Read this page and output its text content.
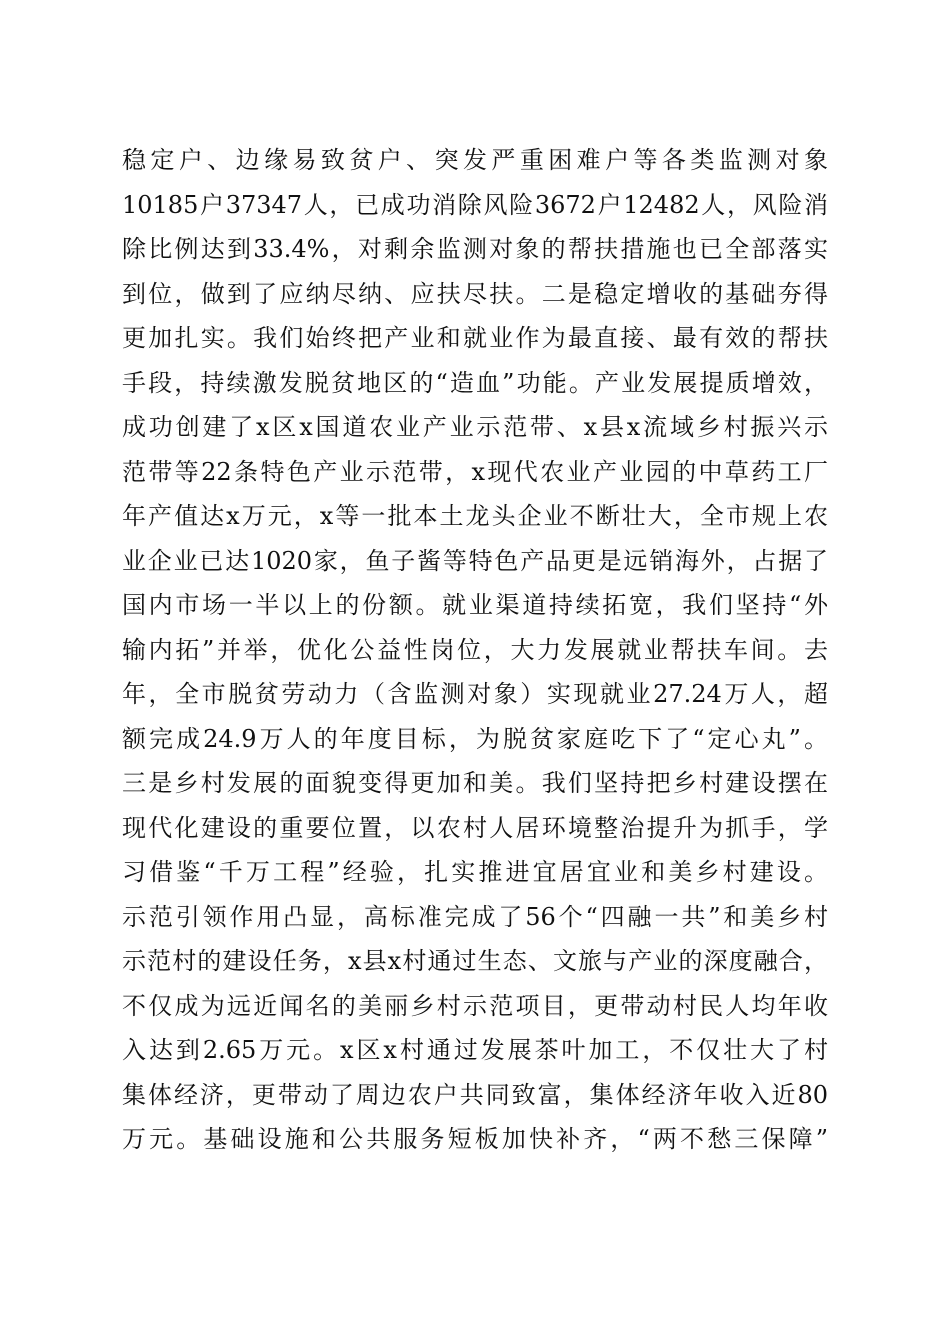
稳定户、边缘易致贫户、突发严重困难户等各类监测对象
10185户37347人，已成功消除风险3672户12482人，风险消
除比例达到33.4%，对剩余监测对象的帮扶措施也已全部落实
到位，做到了应纳尽纳、应扶尽扶。二是稳定增收的基础夯得
更加扎实。我们始终把产业和就业作为最直接、最有效的帮扶
手段，持续激发脱贫地区的“造血”功能。产业发展提质增效，
成功创建了x区x国道农业产业示范带、x县x流域乡村振兴示
范带等22条特色产业示范带，x现代农业产业园的中草药工厂
年产值达x万元，x等一批本土龙头企业不断壮大，全市规上农
业企业已达1020家，鱼子酱等特色产品更是远销海外，占据了
国内市场一半以上的份额。就业渠道持续拓宽，我们坚持“外
输内拓”并举，优化公益性岗位，大力发展就业帮扶车间。去
年，全市脱贫劳动力（含监测对象）实现就业27.24万人，超
额完成24.9万人的年度目标，为脱贫家庭吃下了“定心丸”。
三是乡村发展的面貌变得更加和美。我们坚持把乡村建设摆在
现代化建设的重要位置，以农村人居环境整治提升为抓手，学
习借鉴“千万工程”经验，扎实推进宜居宜业和美乡村建设。
示范引领作用凸显，高标准完成了56个“四融一共”和美乡村
示范村的建设任务，x县x村通过生态、文旅与产业的深度融合，
不仅成为远近闻名的美丽乡村示范项目，更带动村民人均年收
入达到2.65万元。x区x村通过发展茶叶加工，不仅壮大了村
集体经济，更带动了周边农户共同致富，集体经济年收入近80
万元。基础设施和公共服务短板加快补齐，“两不愁三保障”
